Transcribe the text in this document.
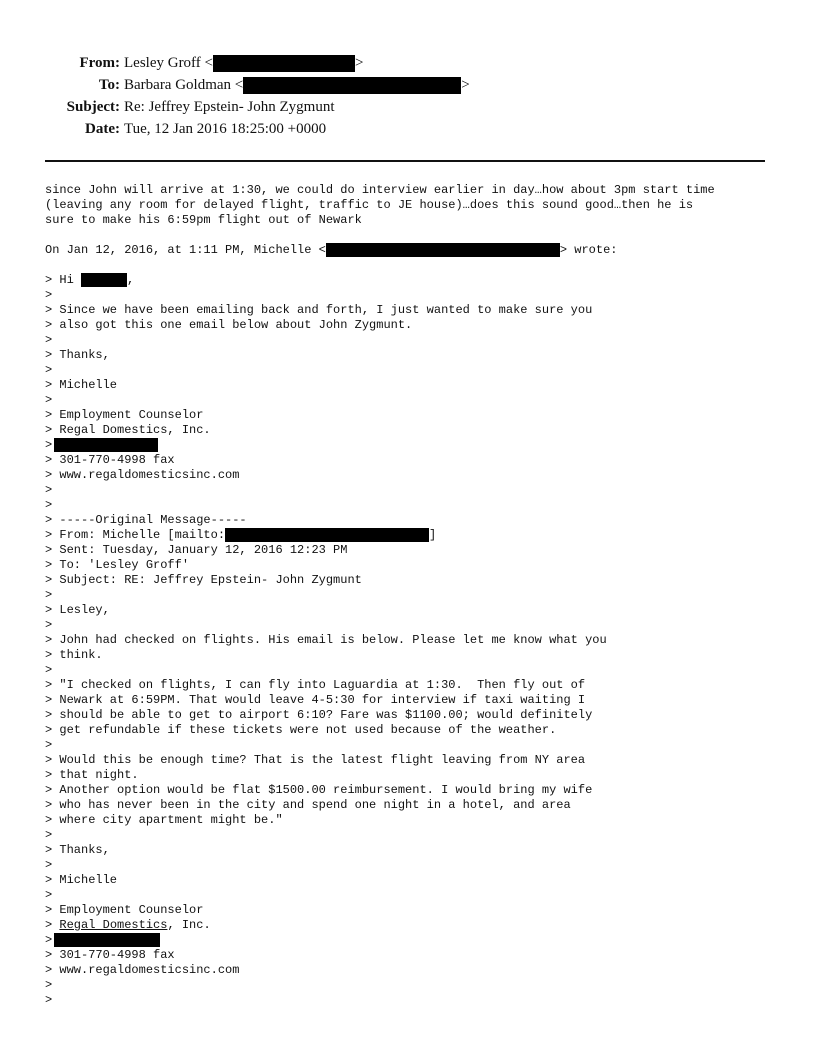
From: Lesley Groff <	>
To: Barbara Goldman <	>
Subject: Re: Jeffrey Epstein- John Zygmunt
Date: Tue, 12 Jan 2016 18:25:00 +0000
since John will arrive at 1:30, we could do interview earlier in day…how about 3pm start time
(leaving any room for delayed flight, traffic to JE house)…does this sound good…then he is
sure to make his 6:59pm flight out of Newark
On Jan 12, 2016, at 1:11 PM, Michelle <	> wrote:
> Hi	,
>
> Since we have been emailing back and forth, I just wanted to make sure you
> also got this one email below about John Zygmunt.
>
> Thanks,
>
> Michelle
>
> Employment Counselor
> Regal Domestics, Inc.
>
> 301-770-4998 fax
> www.regaldomesticsinc.com
>
>
> -----Original Message-----
> From: Michelle [mailto:	]
> Sent: Tuesday, January 12, 2016 12:23 PM
> To: 'Lesley Groff'
> Subject: RE: Jeffrey Epstein- John Zygmunt
>
> Lesley,
>
> John had checked on flights. His email is below. Please let me know what you
> think.
>
> "I checked on flights, I can fly into Laguardia at 1:30.  Then fly out of
> Newark at 6:59PM. That would leave 4-5:30 for interview if taxi waiting I
> should be able to get to airport 6:10? Fare was $1100.00; would definitely
> get refundable if these tickets were not used because of the weather.
>
> Would this be enough time? That is the latest flight leaving from NY area
> that night.
> Another option would be flat $1500.00 reimbursement. I would bring my wife
> who has never been in the city and spend one night in a hotel, and area
> where city apartment might be."
>
> Thanks,
>
> Michelle
>
> Employment Counselor
> Regal Domestics, Inc.
>
> 301-770-4998 fax
> www.regaldomesticsinc.com
>
>
